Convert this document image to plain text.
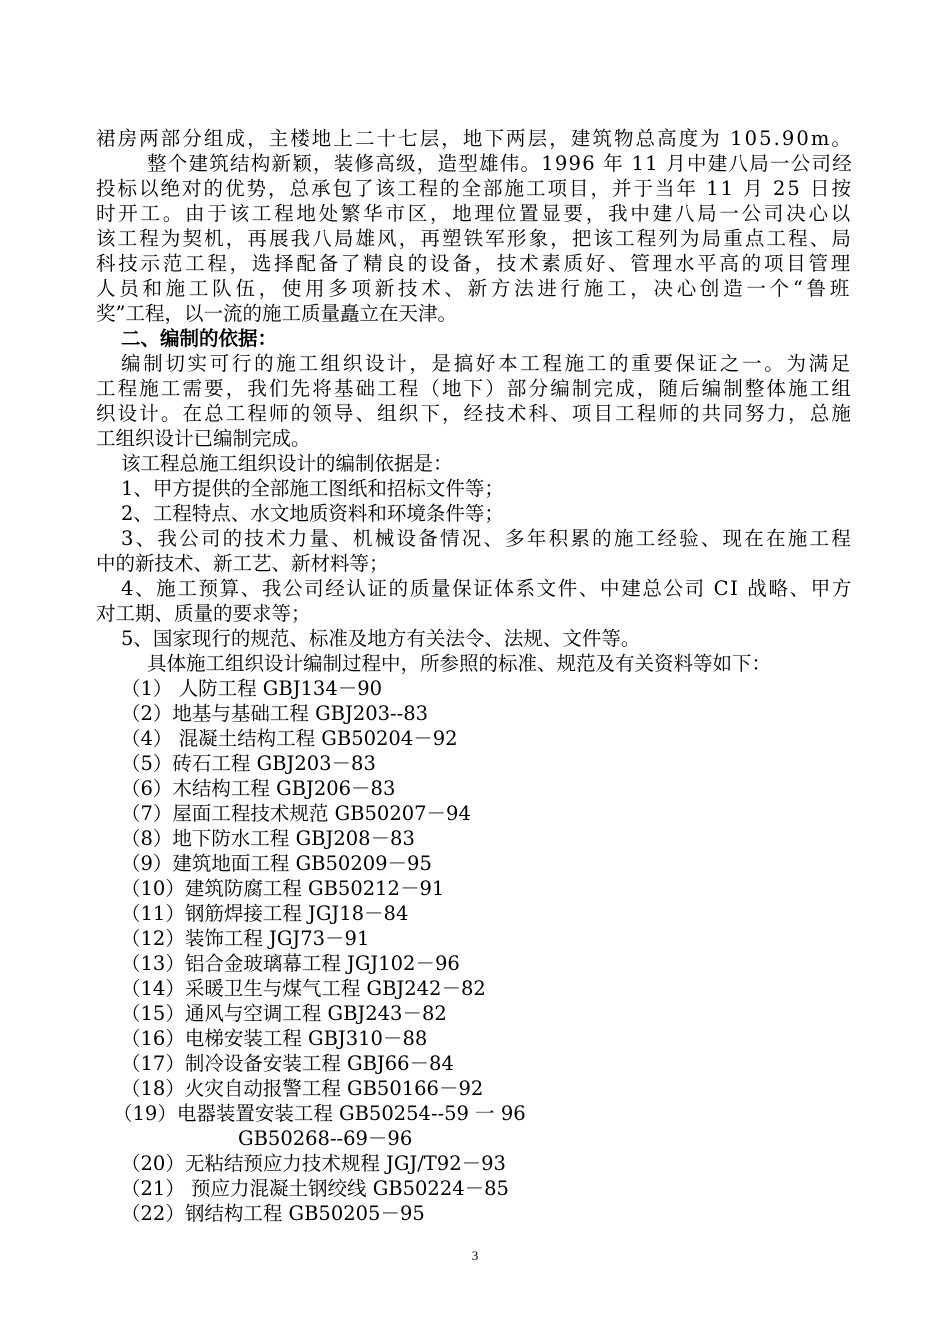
裙房两部分组成，主楼地上二十七层，地下两层，建筑物总高度为 105.90m。
整个建筑结构新颖，装修高级，造型雄伟。1996 年 11 月中建八局一公司经
投标以绝对的优势，总承包了该工程的全部施工项目，并于当年 11 月 25 日按
时开工。由于该工程地处繁华市区，地理位置显要，我中建八局一公司决心以
该工程为契机，再展我八局雄风，再塑铁军形象，把该工程列为局重点工程、局
科技示范工程，选择配备了精良的设备，技术素质好、管理水平高的项目管理
人员和施工队伍，使用多项新技术、新方法进行施工，决心创造一个“鲁班
奖”工程，以一流的施工质量矗立在天津。
二、编制的依据：
编制切实可行的施工组织设计，是搞好本工程施工的重要保证之一。为满足
工程施工需要，我们先将基础工程（地下）部分编制完成，随后编制整体施工组
织设计。在总工程师的领导、组织下，经技术科、项目工程师的共同努力，总施
工组织设计已编制完成。
该工程总施工组织设计的编制依据是：
1、甲方提供的全部施工图纸和招标文件等；
2、工程特点、水文地质资料和环境条件等；
3、我公司的技术力量、机械设备情况、多年积累的施工经验、现在在施工程
中的新技术、新工艺、新材料等；
4、施工预算、我公司经认证的质量保证体系文件、中建总公司 CI 战略、甲方
对工期、质量的要求等；
5、国家现行的规范、标准及地方有关法令、法规、文件等。
具体施工组织设计编制过程中，所参照的标准、规范及有关资料等如下：
（1） 人防工程 GBJ134－90
（2）地基与基础工程 GBJ203--83
（4） 混凝土结构工程 GB50204－92
（5）砖石工程 GBJ203－83
（6）木结构工程 GBJ206－83
（7）屋面工程技术规范 GB50207－94
（8）地下防水工程 GBJ208－83
（9）建筑地面工程 GB50209－95
（10）建筑防腐工程 GB50212－91
（11）钢筋焊接工程 JGJ18－84
（12）装饰工程 JGJ73－91
（13）铝合金玻璃幕工程 JGJ102－96
（14）采暖卫生与煤气工程 GBJ242－82
（15）通风与空调工程 GBJ243－82
（16）电梯安装工程 GBJ310－88
（17）制冷设备安装工程 GBJ66－84
（18）火灾自动报警工程 GB50166－92
（19）电器装置安装工程 GB50254--59 一 96
GB50268--69－96
（20）无粘结预应力技术规程 JGJ/T92－93
（21） 预应力混凝土钢绞线 GB50224－85
（22）钢结构工程 GB50205－95
3
